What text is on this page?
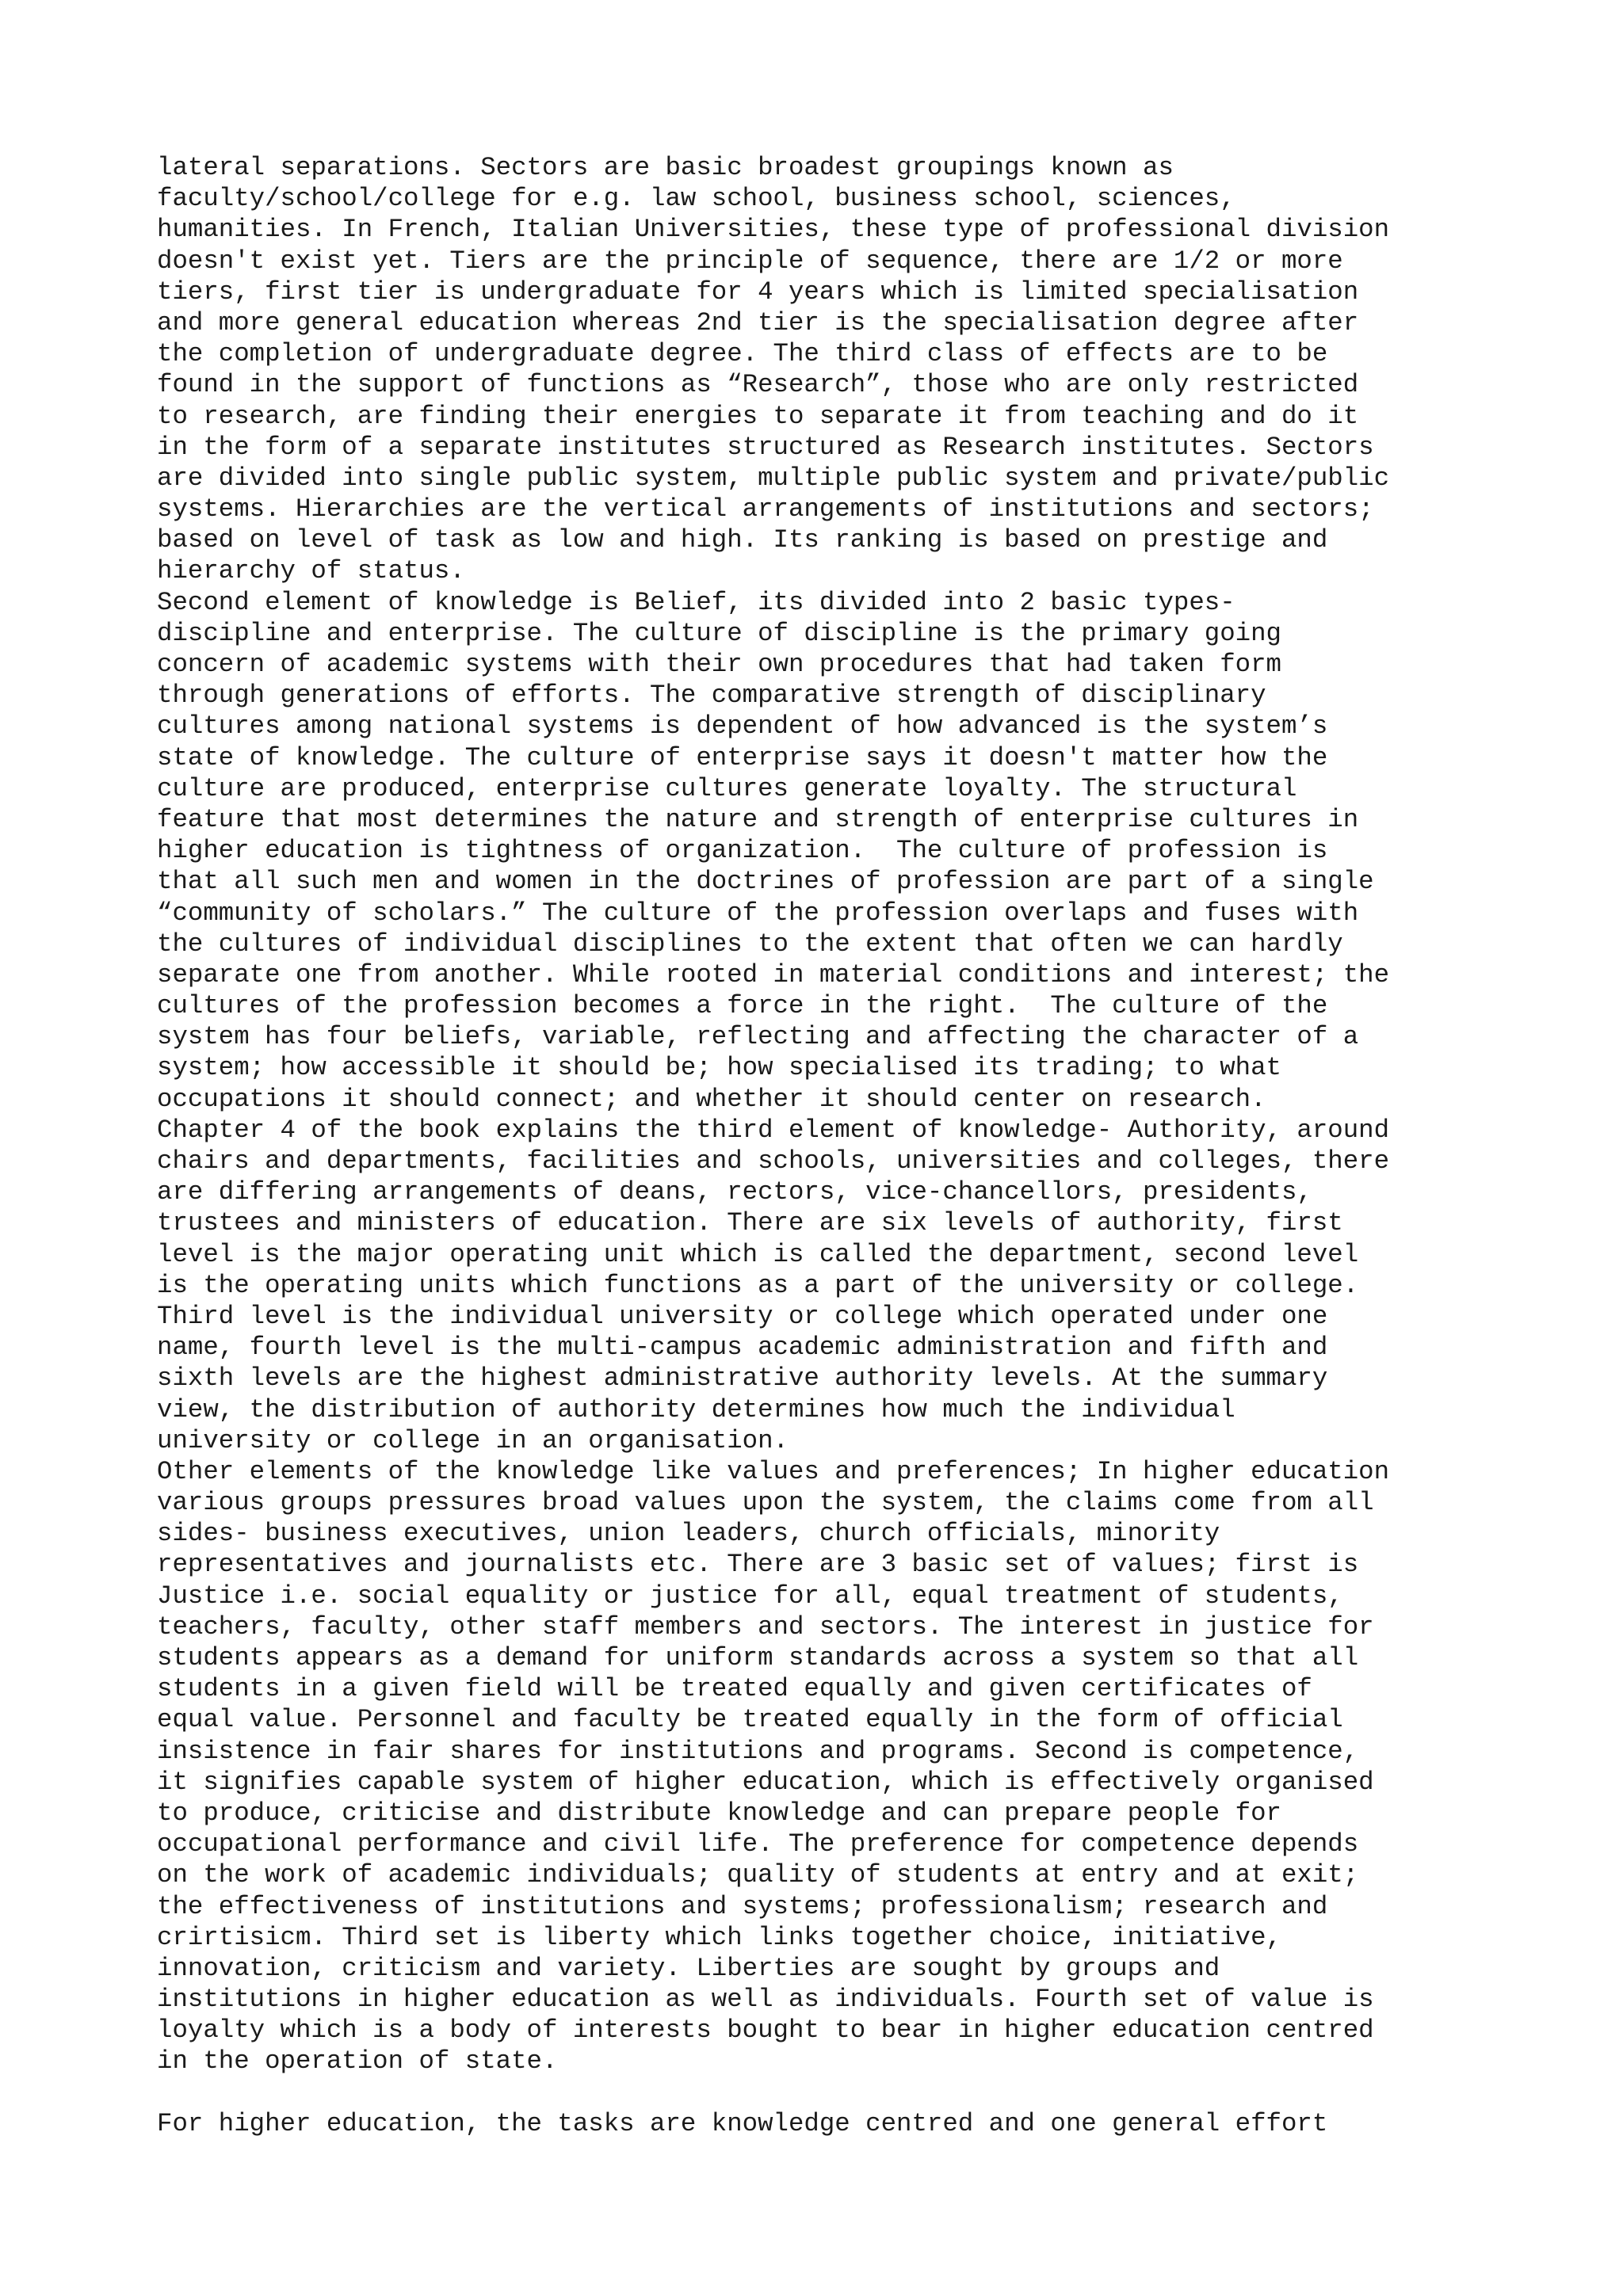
lateral separations. Sectors are basic broadest groupings known as
faculty/school/college for e.g. law school, business school, sciences,
humanities. In French, Italian Universities, these type of professional division
doesn't exist yet. Tiers are the principle of sequence, there are 1/2 or more
tiers, first tier is undergraduate for 4 years which is limited specialisation
and more general education whereas 2nd tier is the specialisation degree after
the completion of undergraduate degree. The third class of effects are to be
found in the support of functions as “Research”, those who are only restricted
to research, are finding their energies to separate it from teaching and do it
in the form of a separate institutes structured as Research institutes. Sectors
are divided into single public system, multiple public system and private/public
systems. Hierarchies are the vertical arrangements of institutions and sectors;
based on level of task as low and high. Its ranking is based on prestige and
hierarchy of status.
Second element of knowledge is Belief, its divided into 2 basic types-
discipline and enterprise. The culture of discipline is the primary going
concern of academic systems with their own procedures that had taken form
through generations of efforts. The comparative strength of disciplinary
cultures among national systems is dependent of how advanced is the system’s
state of knowledge. The culture of enterprise says it doesn't matter how the
culture are produced, enterprise cultures generate loyalty. The structural
feature that most determines the nature and strength of enterprise cultures in
higher education is tightness of organization.  The culture of profession is
that all such men and women in the doctrines of profession are part of a single
“community of scholars.” The culture of the profession overlaps and fuses with
the cultures of individual disciplines to the extent that often we can hardly
separate one from another. While rooted in material conditions and interest; the
cultures of the profession becomes a force in the right.  The culture of the
system has four beliefs, variable, reflecting and affecting the character of a
system; how accessible it should be; how specialised its trading; to what
occupations it should connect; and whether it should center on research.
Chapter 4 of the book explains the third element of knowledge- Authority, around
chairs and departments, facilities and schools, universities and colleges, there
are differing arrangements of deans, rectors, vice-chancellors, presidents,
trustees and ministers of education. There are six levels of authority, first
level is the major operating unit which is called the department, second level
is the operating units which functions as a part of the university or college.
Third level is the individual university or college which operated under one
name, fourth level is the multi-campus academic administration and fifth and
sixth levels are the highest administrative authority levels. At the summary
view, the distribution of authority determines how much the individual
university or college in an organisation.
Other elements of the knowledge like values and preferences; In higher education
various groups pressures broad values upon the system, the claims come from all
sides- business executives, union leaders, church officials, minority
representatives and journalists etc. There are 3 basic set of values; first is
Justice i.e. social equality or justice for all, equal treatment of students,
teachers, faculty, other staff members and sectors. The interest in justice for
students appears as a demand for uniform standards across a system so that all
students in a given field will be treated equally and given certificates of
equal value. Personnel and faculty be treated equally in the form of official
insistence in fair shares for institutions and programs. Second is competence,
it signifies capable system of higher education, which is effectively organised
to produce, criticise and distribute knowledge and can prepare people for
occupational performance and civil life. The preference for competence depends
on the work of academic individuals; quality of students at entry and at exit;
the effectiveness of institutions and systems; professionalism; research and
crirtisicm. Third set is liberty which links together choice, initiative,
innovation, criticism and variety. Liberties are sought by groups and
institutions in higher education as well as individuals. Fourth set of value is
loyalty which is a body of interests bought to bear in higher education centred
in the operation of state.
For higher education, the tasks are knowledge centred and one general effort
